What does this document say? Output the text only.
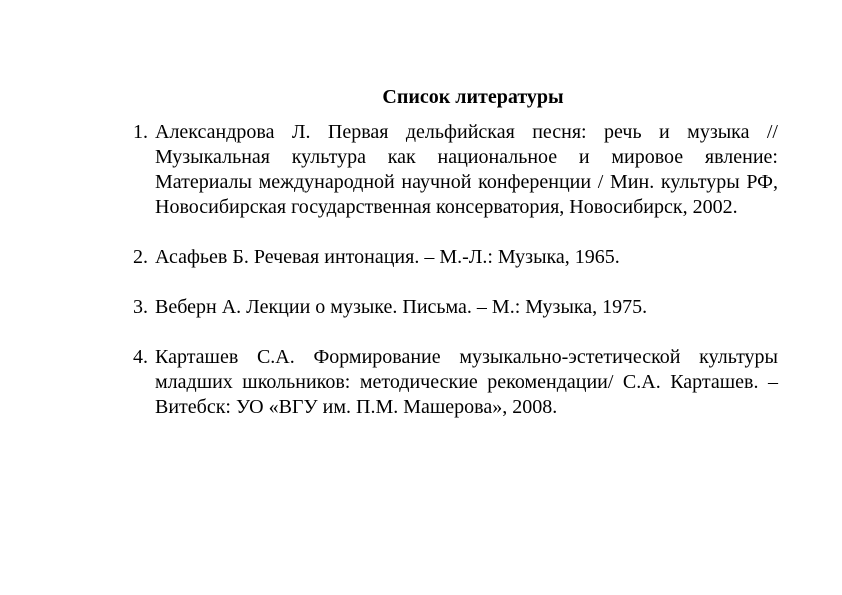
Список литературы
1. Александрова Л. Первая дельфийская песня: речь и музыка // Музыкальная культура как национальное и мировое явление: Материалы международной научной конференции / Мин. культуры РФ, Новосибирская государственная консерватория, Новосибирск, 2002.
2. Асафьев Б. Речевая интонация. – М.-Л.: Музыка, 1965.
3. Веберн А. Лекции о музыке. Письма. – М.: Музыка, 1975.
4. Карташев С.А. Формирование музыкально-эстетической культуры младших школьников: методические рекомендации/ С.А. Карташев. – Витебск: УО «ВГУ им. П.М. Машерова», 2008.
